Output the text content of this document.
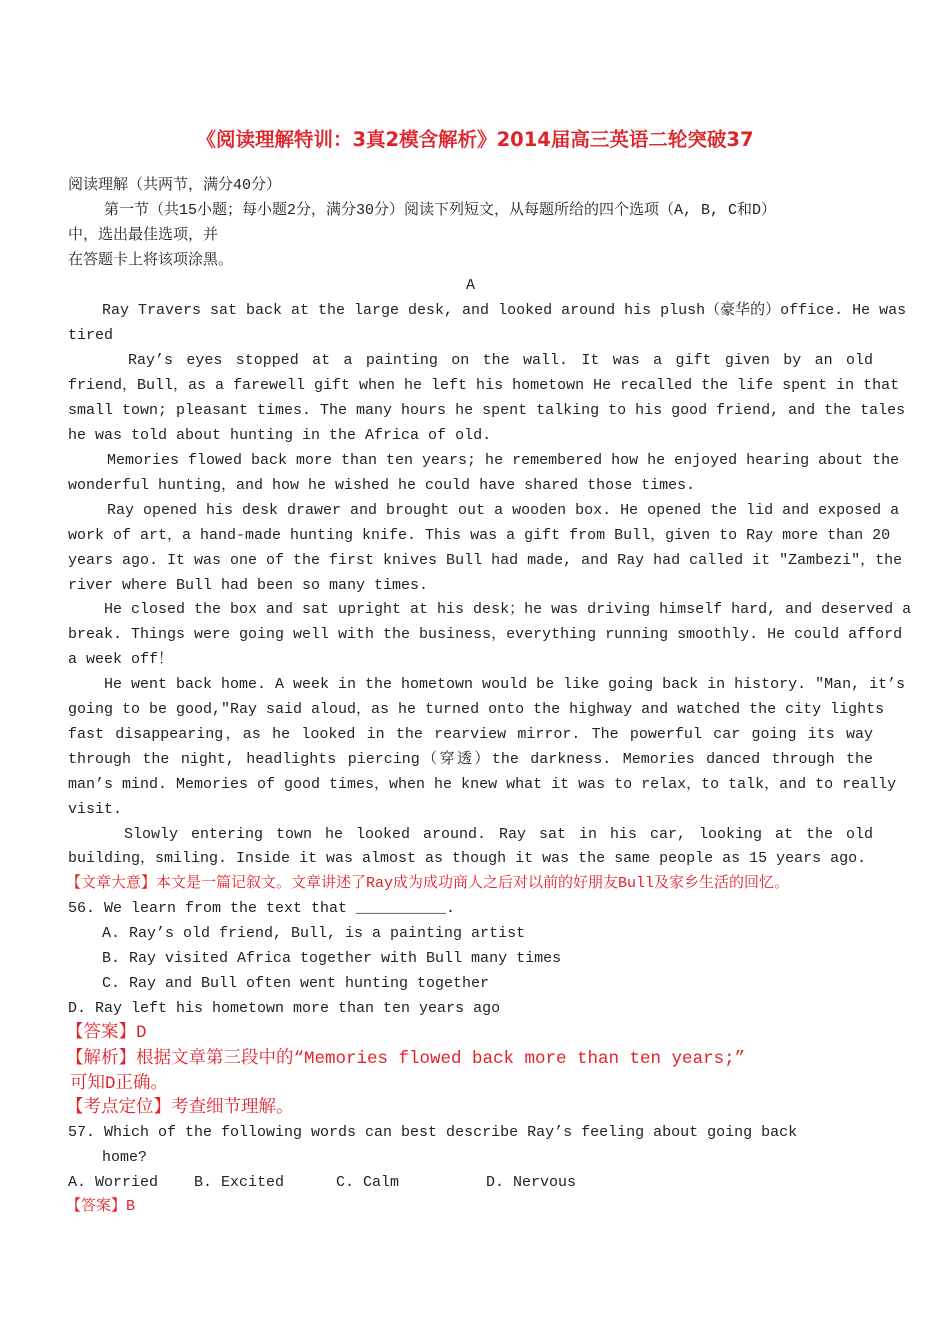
《阅读理解特训：3真2模含解析》2014届高三英语二轮突破37
阅读理解（共两节，满分40分）
第一节（共15小题；每小题2分，满分30分）阅读下列短文，从每题所给的四个选项（A, B, C和D）
中，选出最佳选项，并
在答题卡上将该项涂黑。
A
Ray Travers sat back at the large desk, and looked around his plush（豪华的）office. He was
tired
Ray’s eyes stopped at a painting on the wall. It was a gift given by an old
friend，Bull，as a farewell gift when he left his hometown He recalled the life spent in that
small town; pleasant times. The many hours he spent talking to his good friend, and the tales
he was told about hunting in the Africa of old.
Memories flowed back more than ten years; he remembered how he enjoyed hearing about the
wonderful hunting，and how he wished he could have shared those times.
Ray opened his desk drawer and brought out a wooden box. He opened the lid and exposed a
work of art，a hand-made hunting knife. This was a gift from Bull，given to Ray more than 20
years ago. It was one of the first knives Bull had made, and Ray had called it "Zambezi"，the
river where Bull had been so many times.
He closed the box and sat upright at his desk；he was driving himself hard, and deserved a
break. Things were going well with the business，everything running smoothly. He could afford
a week off！
He went back home. A week in the hometown would be like going back in history. "Man, it’s
going to be good,"Ray said aloud，as he turned onto the highway and watched the city lights
fast disappearing，as he looked in the rearview mirror. The powerful car going its way
through the night, headlights piercing（穿透）the darkness. Memories danced through the
man’s mind. Memories of good times，when he knew what it was to relax，to talk，and to really
visit.
Slowly entering town he looked around. Ray sat in his car, looking at the old
building，smiling. Inside it was almost as though it was the same people as 15 years ago.
【文章大意】本文是一篇记叙文。文章讲述了Ray成为成功商人之后对以前的好朋友Bull及家乡生活的回忆。
56. We learn from the text that __________.
A. Ray’s old friend, Bull, is a painting artist
B. Ray visited Africa together with Bull many times
C. Ray and Bull often went hunting together
D. Ray left his hometown more than ten years ago
【答案】D
【解析】根据文章第三段中的“Memories flowed back more than ten years;”
可知D正确。
【考点定位】考查细节理解。
57. Which of the following words can best describe Ray’s feeling about going back
home?
A. Worried B. Excited	C. Calm	D. Nervous
【答案】B
